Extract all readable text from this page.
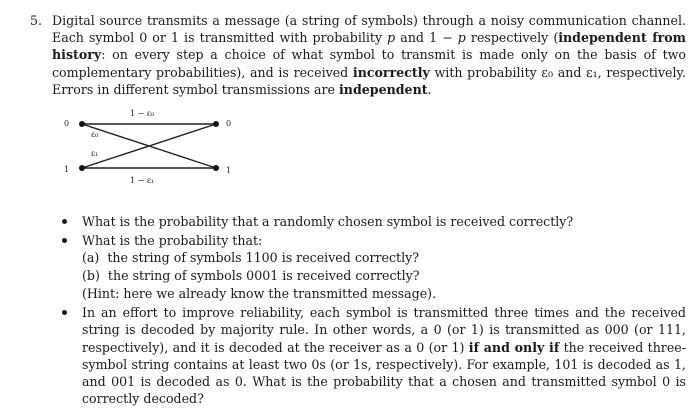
5. Digital source transmits a message (a string of symbols) through a noisy communication channel. Each symbol 0 or 1 is transmitted with probability p and 1 − p respectively (independent from history: on every step a choice of what symbol to transmit is made only on the basis of two complementary probabilities), and is received incorrectly with probability ε₀ and ε₁, respectively. Errors in different symbol transmissions are independent.
0
1
0
1
1 − ε₀
1 − ε₁
ε₀
ε₁
What is the probability that a randomly chosen symbol is received correctly?
What is the probability that:
(a) the string of symbols 1100 is received correctly?
(b) the string of symbols 0001 is received correctly?
(Hint: here we already know the transmitted message).
In an effort to improve reliability, each symbol is transmitted three times and the received string is decoded by majority rule. In other words, a 0 (or 1) is transmitted as 000 (or 111, respectively), and it is decoded at the receiver as a 0 (or 1) if and only if the received three-symbol string contains at least two 0s (or 1s, respectively). For example, 101 is decoded as 1, and 001 is decoded as 0. What is the probability that a chosen and transmitted symbol 0 is correctly decoded?
